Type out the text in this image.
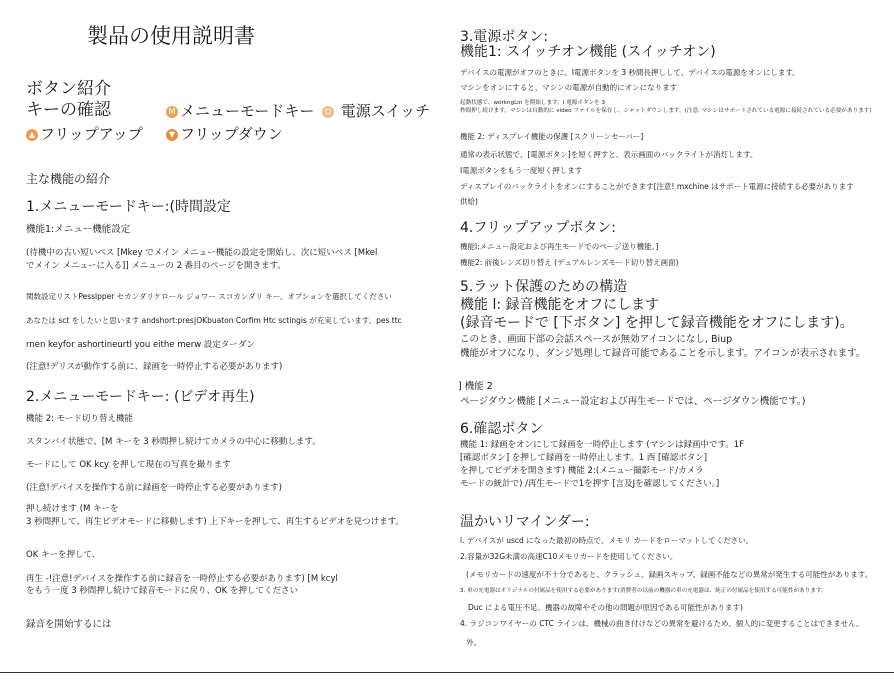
製品の使用説明書
ボタン紹介
キーの確認	M メニューモードキー	⏻ 電源スイッチ
▲ フリップアップ	▼ フリップダウン
主な機能の紹介
1.メニューモードキー:(時間設定
機能1:メニュー機能設定
(待機中の古い短いペス [Mkey でメイン メニュー機能の設定を開始し、次に短いペス [Mkel
でメイン メニューに入る]] メニューの 2 番目のページを開きます。
関数設定リストPesslpper セカンダリケロール ジョワー スコカンダリ キー。オプションを選択してください
あなたは sct をしたいと思います andshort:pres|OKbuaton Corfim Htc sctingis が充実しています、pes ttc
rnen keyfor ashortineurtl you eithe merw 設定ターダン
(注意!デリスが動作する前に、録画を一時停止する必要があります)
2.メニューモードキー: (ビデオ再生)
機能 2: モード切り替え機能
スタンバイ状態で、[M キーを 3 秒間押し続けてカメラの中心に移動します。
モードにして OK kcy を押して現在の写真を撮ります
(注意!デバイスを操作する前に録画を一時停止する必要があります)
押し続けます (M キーを
3 秒間押して、再生ビデオモードに移動します) 上下キーを押して、再生するビデオを見つけます。
OK キーを押して、
再生 -!注意!デバイスを操作する前に録音を一時停止する必要があります) [M kcyl
をもう一度 3 秒間押し続けて録音モードに戻り、OK を押してください
録音を開始するには
3.電源ボタン:
機能1: スイッチオン機能 (スイッチオン)
デバイスの電源がオフのときに、I電源ボタンを 3 秒間長押しして、デバイスの電源をオンにします。
マシンをオンにすると、マシンの電源が自動的にオンになります
起動状態で、workngLin を開始します。I 電源ボタンを 3
秒間押し続けます。マシンは自動的に video ファイルを保存し、シャットダウンします。(注意: マシンはサポートされている電源に接続されている必要があります)
機能 2: ディスプレイ機能の保護 [スクリーンセーバー]
通常の表示状態で、[電源ボタン]を短く押すと、表示画面のバックライトが消灯します。
I電源ボタンをもう一度短く押します
ディスプレイのバックライトをオンにすることができます[注意! mxchine はサポート電源に接続する必要があります
供給)
4.フリップアップボタン:
機能l:メニュー設定および再生モードでのページ送り機能。]
機能2: 前後レンズ切り替え (デュアルレンズモード切り替え画面)
5.ラット保護のための構造
機能 l: 録音機能をオフにします
(録音モードで [下ボタン] を押して録音機能をオフにします)。
このとき、画面下部の会話スペースが無効アイコンになし, Biup
機能がオフになり、ダンジ処理して録音可能であることを示します。アイコンが表示されます。
] 機能 2
ページダウン機能 [メニュー設定および再生モードでは、ページダウン機能です。)
6.確認ボタン
機能 1: 録画をオンにして録画を一時停止します (マシンは録画中です。1F
[確認ボタン] を押して録画を一時停止します。1 西 [確認ボタン]
を押してビデオを開きます) 機能 2:(メニュー撮影モード/カメラ
モードの統計で) /再生モードで1を押す [言及Jを確認してください。]
温かいリマインダー:
l. デバイスが uscd になった最初の時点で、メモリ カードをローマットしてください。
2.容量が32G未満の高速C10メモリカードを使用してください。
(メモリカードの速度が不十分であると、クラッシュ、録画スキップ、録画不能などの異常が発生する可能性があります。
3. 車の充電器はオリジナルの付属品を使用する必要があります(消費者の以前の機器の車の充電器は、純正の付属品を使用する可能性があります。
Duc による電圧不足、機器の故障やその他の問題が原因である可能性があります)
4. ラジコンワイヤーの CTC ラインは、機械の曲き付けなどの異常を避けるため、個人的に変更することはできません。
外。
